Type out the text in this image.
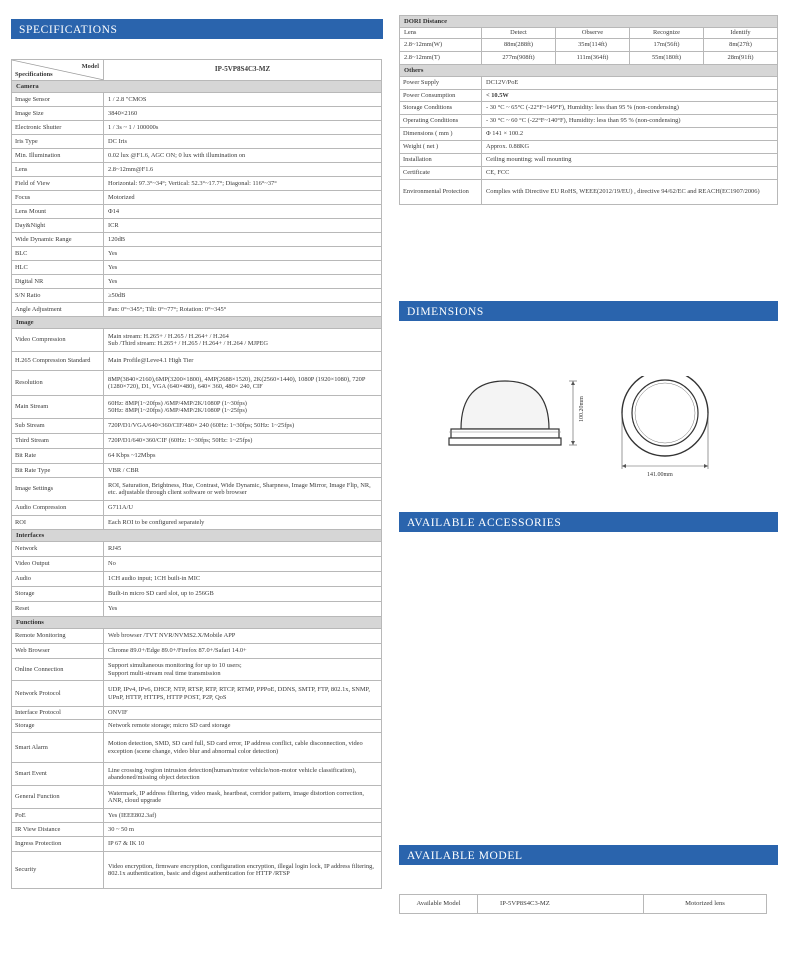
SPECIFICATIONS
Model
Specifications	IP-5VP8S4C3-MZ
Camera	
Image Sensor	1 / 2.8 "CMOS
Image Size	3840×2160
Electronic Shutter	1 / 3s ~ 1 / 100000s
Iris Type	DC Iris
Min. Illumination	0.02 lux @F1.6, AGC ON; 0 lux with illumination on
Lens	2.8~12mm@F1.6
Field of View	Horizontal: 97.3°~34°; Vertical: 52.3°~17.7°; Diagonal: 116°~37°
Focus	Motorized
Lens Mount	Φ14
Day&Night	ICR
Wide Dynamic Range	120dB
BLC	Yes
HLC	Yes
Digital NR	Yes
S/N Ratio	≥50dB
Angle Adjustment	Pan: 0°~345°; Tilt: 0°~77°; Rotation: 0°~345°
Image	
Video Compression	Main stream: H.265+ / H.265 / H.264+ / H.264
Sub /Third stream: H.265+ / H.265 / H.264+ / H.264 / MJPEG
H.265 Compression Standard	Main Profile@Leve4.1 High Tier
Resolution	8MP(3840×2160),6MP(3200×1800), 4MP(2688×1520), 2K(2560×1440), 1080P (1920×1080), 720P (1280×720), D1, VGA (640×480), 640× 360, 480× 240, CIF
Main Stream	60Hz: 8MP(1~20fps) /6MP/4MP/2K/1080P (1~30fps)
50Hz: 8MP(1~20fps) /6MP/4MP/2K/1080P (1~25fps)
Sub Stream	720P/D1/VGA/640×360/CIF/480× 240 (60Hz: 1~30fps; 50Hz: 1~25fps)
Third Stream	720P/D1/640×360/CIF (60Hz: 1~30fps; 50Hz: 1~25fps)
Bit Rate	64 Kbps ~12Mbps
Bit Rate Type	VBR / CBR
Image Settings	ROI, Saturation, Brightness, Hue, Contrast, Wide Dynamic, Sharpness, Image Mirror, Image Flip, NR, etc. adjustable through client software or web browser
Audio Compression	G711A/U
ROI	Each ROI to be configured separately
Interfaces	
Network	RJ45
Video Output	No
Audio	1CH audio input; 1CH built-in MIC
Storage	Built-in micro SD card slot, up to 256GB
Reset	Yes
Functions	
Remote Monitoring	Web browser /TVT NVR/NVMS2.X/Mobile APP
Web Browser	Chrome 89.0+/Edge 89.0+/Firefox 87.0+/Safari 14.0+
Online Connection	Support simultaneous monitoring for up to 10 users;
Support multi-stream real time transmission
Network Protocol	UDP, IPv4, IPv6, DHCP, NTP, RTSP, RTP, RTCP, RTMP, PPPoE, DDNS, SMTP, FTP, 802.1x, SNMP, UPnP, HTTP, HTTPS, HTTP POST, P2P, QoS
Interface Protocol	ONVIF
Storage	Network remote storage; micro SD card storage
Smart Alarm	Motion detection, SMD, SD card full, SD card error, IP address conflict, cable disconnection, video exception (scene change, video blur and abnormal color detection)
Smart Event	Line crossing /region intrusion detection(human/motor vehicle/non-motor vehicle classification), abandoned/missing object detection
General Function	Watermark, IP address filtering, video mask, heartbeat, corridor pattern, image distortion correction, ANR, cloud upgrade
PoE	Yes (IEEE802.3af)
IR View Distance	30 ~ 50 m
Ingress Protection	IP 67 & IK 10
Security	Video encryption, firmware encryption, configuration encryption, illegal login lock, IP address filtering, 802.1x authentication, basic and digest authentication for HTTP /RTSP
DORI Distance				
Lens	Detect	Observe	Recognize	Identify
2.8~12mm(W)	88m(288ft)	35m(114ft)	17m(56ft)	8m(27ft)
2.8~12mm(T)	277m(908ft)	111m(364ft)	55m(180ft)	28m(91ft)
Others				
Power Supply	DC12V/PoE			
Power Consumption	< 10.5W			
Storage Conditions	- 30 °C ~ 65°C (-22°F~149°F), Humidity: less than 95 % (non-condensing)			
Operating Conditions	- 30 °C ~ 60 °C (-22°F~140°F), Humidity: less than 95 % (non-condensing)			
Dimensions ( mm )	Φ 141 × 100.2			
Weight ( net )	Approx. 0.88KG			
Installation	Ceiling mounting; wall mounting			
Certificate	CE, FCC			
Environmental Protection	Complies with Directive EU RoHS, WEEE(2012/19/EU) , directive 94/62/EC and REACH(EC1907/2006)			
DIMENSIONS
100.20mm
141.00mm
AVAILABLE ACCESSORIES
AVAILABLE MODEL
Available Model	IP-5VP8S4C3-MZ	Motorized lens
